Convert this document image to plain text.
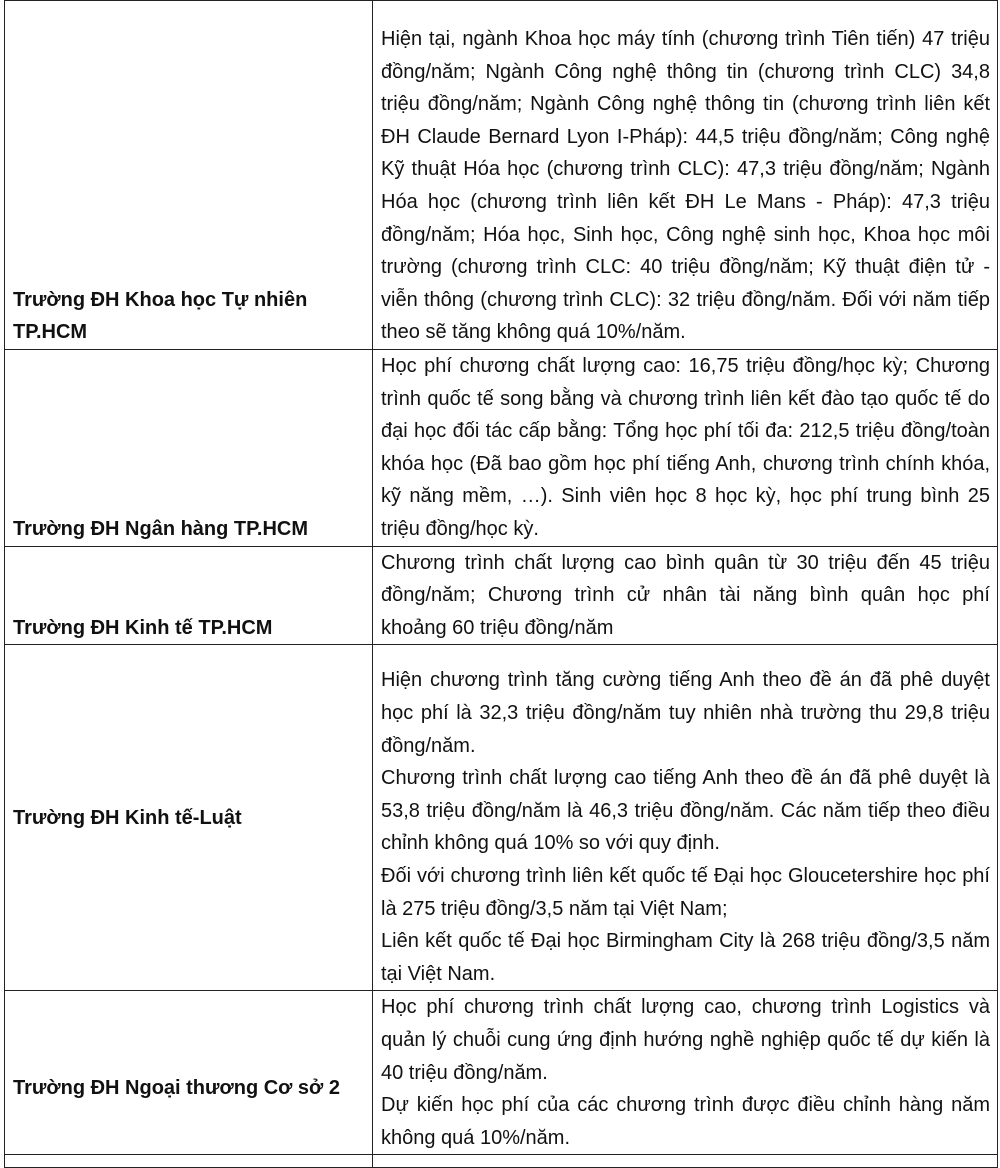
Trường ĐH Khoa học Tự nhiên TP.HCM	Hiện tại, ngành Khoa học máy tính (chương trình Tiên tiến) 47 triệu đồng/năm; Ngành Công nghệ thông tin (chương trình CLC) 34,8 triệu đồng/năm; Ngành Công nghệ thông tin (chương trình liên kết ĐH Claude Bernard Lyon I-Pháp): 44,5 triệu đồng/năm; Công nghệ Kỹ thuật Hóa học (chương trình CLC): 47,3 triệu đồng/năm; Ngành Hóa học (chương trình liên kết ĐH Le Mans - Pháp): 47,3 triệu đồng/năm; Hóa học, Sinh học, Công nghệ sinh học, Khoa học môi trường (chương trình CLC: 40 triệu đồng/năm; Kỹ thuật điện tử - viễn thông (chương trình CLC): 32 triệu đồng/năm. Đối với năm tiếp theo sẽ tăng không quá 10%/năm.

Trường ĐH Ngân hàng TP.HCM	Học phí chương chất lượng cao: 16,75 triệu đồng/học kỳ; Chương trình quốc tế song bằng và chương trình liên kết đào tạo quốc tế do đại học đối tác cấp bằng: Tổng học phí tối đa: 212,5 triệu đồng/toàn khóa học (Đã bao gồm học phí tiếng Anh, chương trình chính khóa, kỹ năng mềm, …). Sinh viên học 8 học kỳ, học phí trung bình 25 triệu đồng/học kỳ.

Trường ĐH Kinh tế TP.HCM	Chương trình chất lượng cao bình quân từ 30 triệu đến 45 triệu đồng/năm; Chương trình cử nhân tài năng bình quân học phí khoảng 60 triệu đồng/năm

Trường ĐH Kinh tế-Luật	Hiện chương trình tăng cường tiếng Anh theo đề án đã phê duyệt học phí là 32,3 triệu đồng/năm tuy nhiên nhà trường thu 29,8 triệu đồng/năm.
Chương trình chất lượng cao tiếng Anh theo đề án đã phê duyệt là 53,8 triệu đồng/năm là 46,3 triệu đồng/năm. Các năm tiếp theo điều chỉnh không quá 10% so với quy định.
Đối với chương trình liên kết quốc tế Đại học Gloucetershire học phí là 275 triệu đồng/3,5 năm tại Việt Nam;
Liên kết quốc tế Đại học Birmingham City là 268 triệu đồng/3,5 năm tại Việt Nam.

Trường ĐH Ngoại thương Cơ sở 2	Học phí chương trình chất lượng cao, chương trình Logistics và quản lý chuỗi cung ứng định hướng nghề nghiệp quốc tế dự kiến là 40 triệu đồng/năm.
Dự kiến học phí của các chương trình được điều chỉnh hàng năm không quá 10%/năm.
